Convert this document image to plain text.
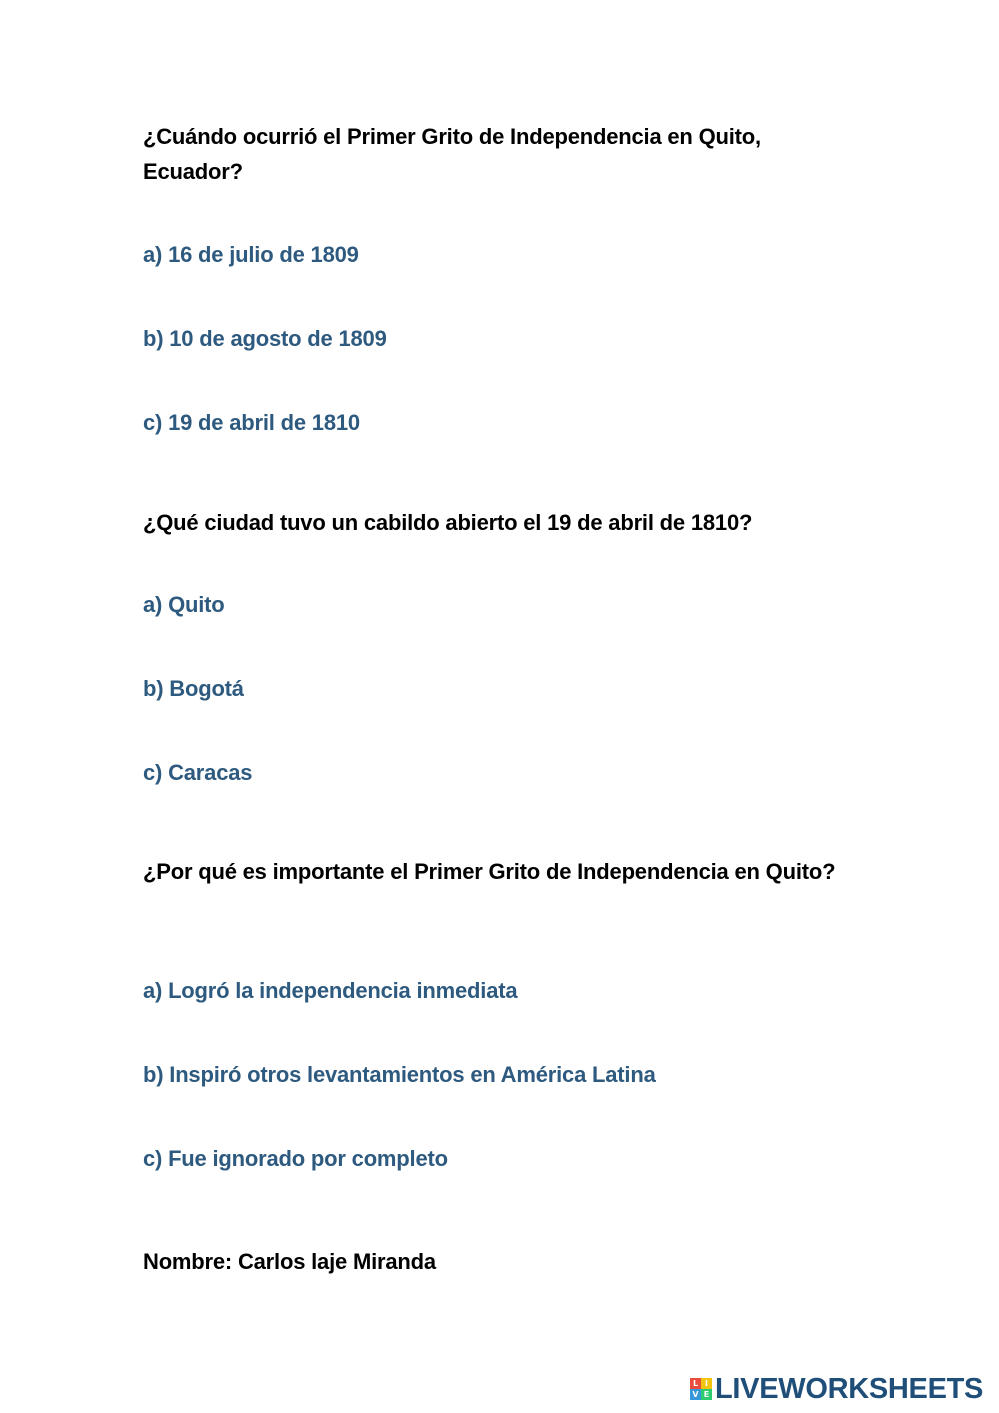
¿Cuándo ocurrió el Primer Grito de Independencia en Quito, Ecuador?
a) 16 de julio de 1809
b) 10 de agosto de 1809
c) 19 de abril de 1810
¿Qué ciudad tuvo un cabildo abierto el 19 de abril de 1810?
a) Quito
b) Bogotá
c) Caracas
¿Por qué es importante el Primer Grito de Independencia en Quito?
a) Logró la independencia inmediata
b) Inspiró otros levantamientos en América Latina
c) Fue ignorado por completo
Nombre: Carlos laje Miranda
L I
V E LIVEWORKSHEETS
